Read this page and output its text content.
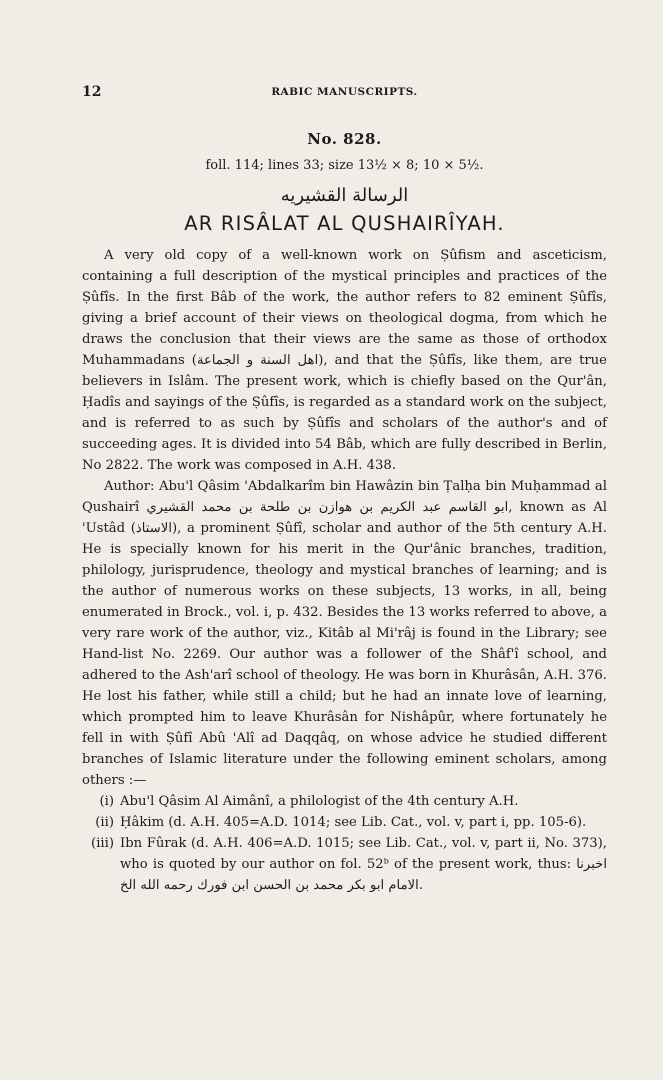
12	RABIC MANUSCRIPTS.
No. 828.
foll. 114; lines 33; size 13½ × 8; 10 × 5½.
الرسالة القشيريه
AR RISÂLAT AL QUSHAIRÎYAH.

A very old copy of a well-known work on Ṣûfism and asceticism, containing a full description of the mystical principles and practices of the Ṣûfîs. In the first Bâb of the work, the author refers to 82 eminent Ṣûfîs, giving a brief account of their views on theological dogma, from which he draws the conclusion that their views are the same as those of orthodox Muhammadans (اهل السنة و الجماعة), and that the Ṣûfîs, like them, are true believers in Islâm. The present work, which is chiefly based on the Qur'ân, Ḥadîs and sayings of the Ṣûfîs, is regarded as a standard work on the subject, and is referred to as such by Ṣûfîs and scholars of the author's and of succeeding ages. It is divided into 54 Bâb, which are fully described in Berlin, No 2822. The work was composed in A.H. 438.

Author: Abu'l Qâsim 'Abdalkarîm bin Hawâzin bin Ṭalḥa bin Muḥammad al Qushairî ابو القاسم عبد الكريم بن هوازن بن طلحة بن محمد القشيري, known as Al 'Ustâd (الاستاذ), a prominent Ṣûfî, scholar and author of the 5th century A.H. He is specially known for his merit in the Qur'ânic branches, tradition, philology, jurisprudence, theology and mystical branches of learning; and is the author of numerous works on these subjects, 13 works, in all, being enumerated in Brock., vol. i, p. 432. Besides the 13 works referred to above, a very rare work of the author, viz., Kitâb al Mi'râj is found in the Library; see Hand-list No. 2269. Our author was a follower of the Shâf'î school, and adhered to the Ash'arî school of theology. He was born in Khurâsân, A.H. 376. He lost his father, while still a child; but he had an innate love of learning, which prompted him to leave Khurâsân for Nishâpûr, where fortunately he fell in with Ṣûfî Abû 'Alî ad Daqqâq, on whose advice he studied different branches of Islamic literature under the following eminent scholars, among others :—

(i) Abu'l Qâsim Al Aimânî, a philologist of the 4th century A.H.
(ii) Ḥâkim (d. A.H. 405=A.D. 1014; see Lib. Cat., vol. v, part i, pp. 105-6).
(iii) Ibn Fûrak (d. A.H. 406=A.D. 1015; see Lib. Cat., vol. v, part ii, No. 373), who is quoted by our author on fol. 52ᵇ of the present work, thus: اخبرنا الامام ابو بكر محمد بن الحسن ابن فورك رحمه الله الخ.
